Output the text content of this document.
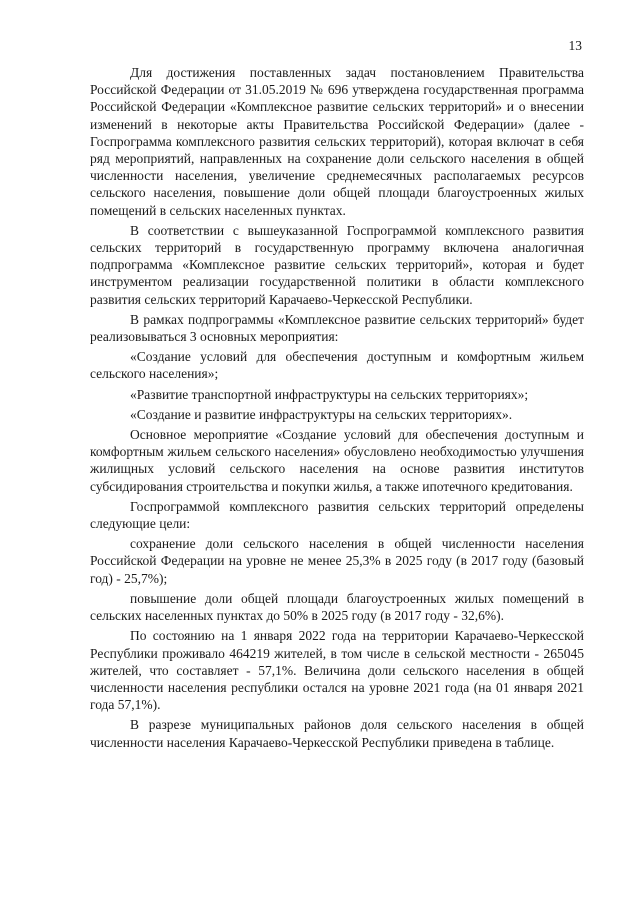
13

Для достижения поставленных задач постановлением Правительства Российской Федерации от 31.05.2019 № 696 утверждена государственная программа Российской Федерации «Комплексное развитие сельских территорий» и о внесении изменений в некоторые акты Правительства Российской Федерации» (далее - Госпрограмма комплексного развития сельских территорий), которая включат в себя ряд мероприятий, направленных на сохранение доли сельского населения в общей численности населения, увеличение среднемесячных располагаемых ресурсов сельского населения, повышение доли общей площади благоустроенных жилых помещений в сельских населенных пунктах.

В соответствии с вышеуказанной Госпрограммой комплексного развития сельских территорий в государственную программу включена аналогичная подпрограмма «Комплексное развитие сельских территорий», которая и будет инструментом реализации государственной политики в области комплексного развития сельских территорий Карачаево-Черкесской Республики.

В рамках подпрограммы «Комплексное развитие сельских территорий» будет реализовываться 3 основных мероприятия:

«Создание условий для обеспечения доступным и комфортным жильем сельского населения»;

«Развитие транспортной инфраструктуры на сельских территориях»;

«Создание и развитие инфраструктуры на сельских территориях».

Основное мероприятие «Создание условий для обеспечения доступным и комфортным жильем сельского населения» обусловлено необходимостью улучшения жилищных условий сельского населения на основе развития институтов субсидирования строительства и покупки жилья, а также ипотечного кредитования.

Госпрограммой комплексного развития сельских территорий определены следующие цели:

сохранение доли сельского населения в общей численности населения Российской Федерации на уровне не менее 25,3% в 2025 году (в 2017 году (базовый год) - 25,7%);

повышение доли общей площади благоустроенных жилых помещений в сельских населенных пунктах до 50% в 2025 году (в 2017 году - 32,6%).

По состоянию на 1 января 2022 года на территории Карачаево-Черкесской Республики проживало 464219 жителей, в том числе в сельской местности - 265045 жителей, что составляет - 57,1%. Величина доли сельского населения в общей численности населения республики остался на уровне 2021 года (на 01 января 2021 года 57,1%).

В разрезе муниципальных районов доля сельского населения в общей численности населения Карачаево-Черкесской Республики приведена в таблице.
